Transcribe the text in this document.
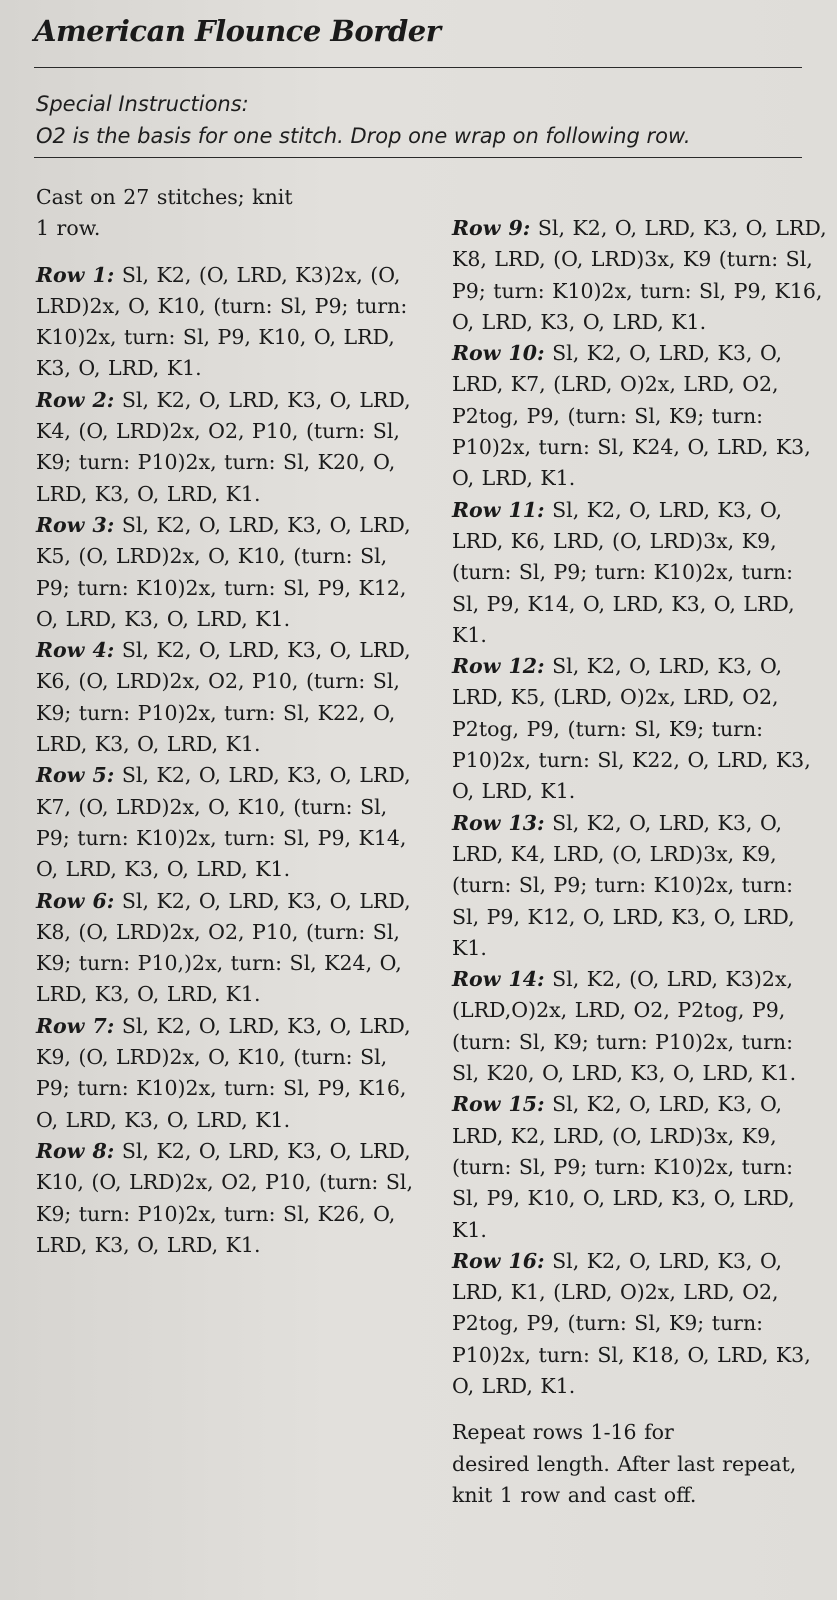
American Flounce Border
Special Instructions:
O2 is the basis for one stitch. Drop one wrap on following row.

Cast on 27 stitches; knit
1 row.

Row 1: Sl, K2, (O, LRD, K3)2x, (O, LRD)2x, O, K10, (turn: Sl, P9; turn: K10)2x, turn: Sl, P9, K10, O, LRD, K3, O, LRD, K1.

Row 2: Sl, K2, O, LRD, K3, O, LRD, K4, (O, LRD)2x, O2, P10, (turn: Sl, K9; turn: P10)2x, turn: Sl, K20, O, LRD, K3, O, LRD, K1.

Row 3: Sl, K2, O, LRD, K3, O, LRD, K5, (O, LRD)2x, O, K10, (turn: Sl, P9; turn: K10)2x, turn: Sl, P9, K12, O, LRD, K3, O, LRD, K1.

Row 4: Sl, K2, O, LRD, K3, O, LRD, K6, (O, LRD)2x, O2, P10, (turn: Sl, K9; turn: P10)2x, turn: Sl, K22, O, LRD, K3, O, LRD, K1.

Row 5: Sl, K2, O, LRD, K3, O, LRD, K7, (O, LRD)2x, O, K10, (turn: Sl, P9; turn: K10)2x, turn: Sl, P9, K14, O, LRD, K3, O, LRD, K1.

Row 6: Sl, K2, O, LRD, K3, O, LRD, K8, (O, LRD)2x, O2, P10, (turn: Sl, K9; turn: P10,)2x, turn: Sl, K24, O, LRD, K3, O, LRD, K1.

Row 7: Sl, K2, O, LRD, K3, O, LRD, K9, (O, LRD)2x, O, K10, (turn: Sl, P9; turn: K10)2x, turn: Sl, P9, K16, O, LRD, K3, O, LRD, K1.

Row 8: Sl, K2, O, LRD, K3, O, LRD, K10, (O, LRD)2x, O2, P10, (turn: Sl, K9; turn: P10)2x, turn: Sl, K26, O, LRD, K3, O, LRD, K1.

Row 9: Sl, K2, O, LRD, K3, O, LRD, K8, LRD, (O, LRD)3x, K9 (turn: Sl, P9; turn: K10)2x, turn: Sl, P9, K16, O, LRD, K3, O, LRD, K1.

Row 10: Sl, K2, O, LRD, K3, O, LRD, K7, (LRD, O)2x, LRD, O2, P2tog, P9, (turn: Sl, K9; turn: P10)2x, turn: Sl, K24, O, LRD, K3, O, LRD, K1.

Row 11: Sl, K2, O, LRD, K3, O, LRD, K6, LRD, (O, LRD)3x, K9, (turn: Sl, P9; turn: K10)2x, turn: Sl, P9, K14, O, LRD, K3, O, LRD, K1.

Row 12: Sl, K2, O, LRD, K3, O, LRD, K5, (LRD, O)2x, LRD, O2, P2tog, P9, (turn: Sl, K9; turn: P10)2x, turn: Sl, K22, O, LRD, K3, O, LRD, K1.

Row 13: Sl, K2, O, LRD, K3, O, LRD, K4, LRD, (O, LRD)3x, K9, (turn: Sl, P9; turn: K10)2x, turn: Sl, P9, K12, O, LRD, K3, O, LRD, K1.

Row 14: Sl, K2, (O, LRD, K3)2x, (LRD,O)2x, LRD, O2, P2tog, P9, (turn: Sl, K9; turn: P10)2x, turn: Sl, K20, O, LRD, K3, O, LRD, K1.

Row 15: Sl, K2, O, LRD, K3, O, LRD, K2, LRD, (O, LRD)3x, K9, (turn: Sl, P9; turn: K10)2x, turn: Sl, P9, K10, O, LRD, K3, O, LRD, K1.

Row 16: Sl, K2, O, LRD, K3, O, LRD, K1, (LRD, O)2x, LRD, O2, P2tog, P9, (turn: Sl, K9; turn: P10)2x, turn: Sl, K18, O, LRD, K3, O, LRD, K1.

Repeat rows 1-16 for
desired length. After last repeat,
knit 1 row and cast off.
